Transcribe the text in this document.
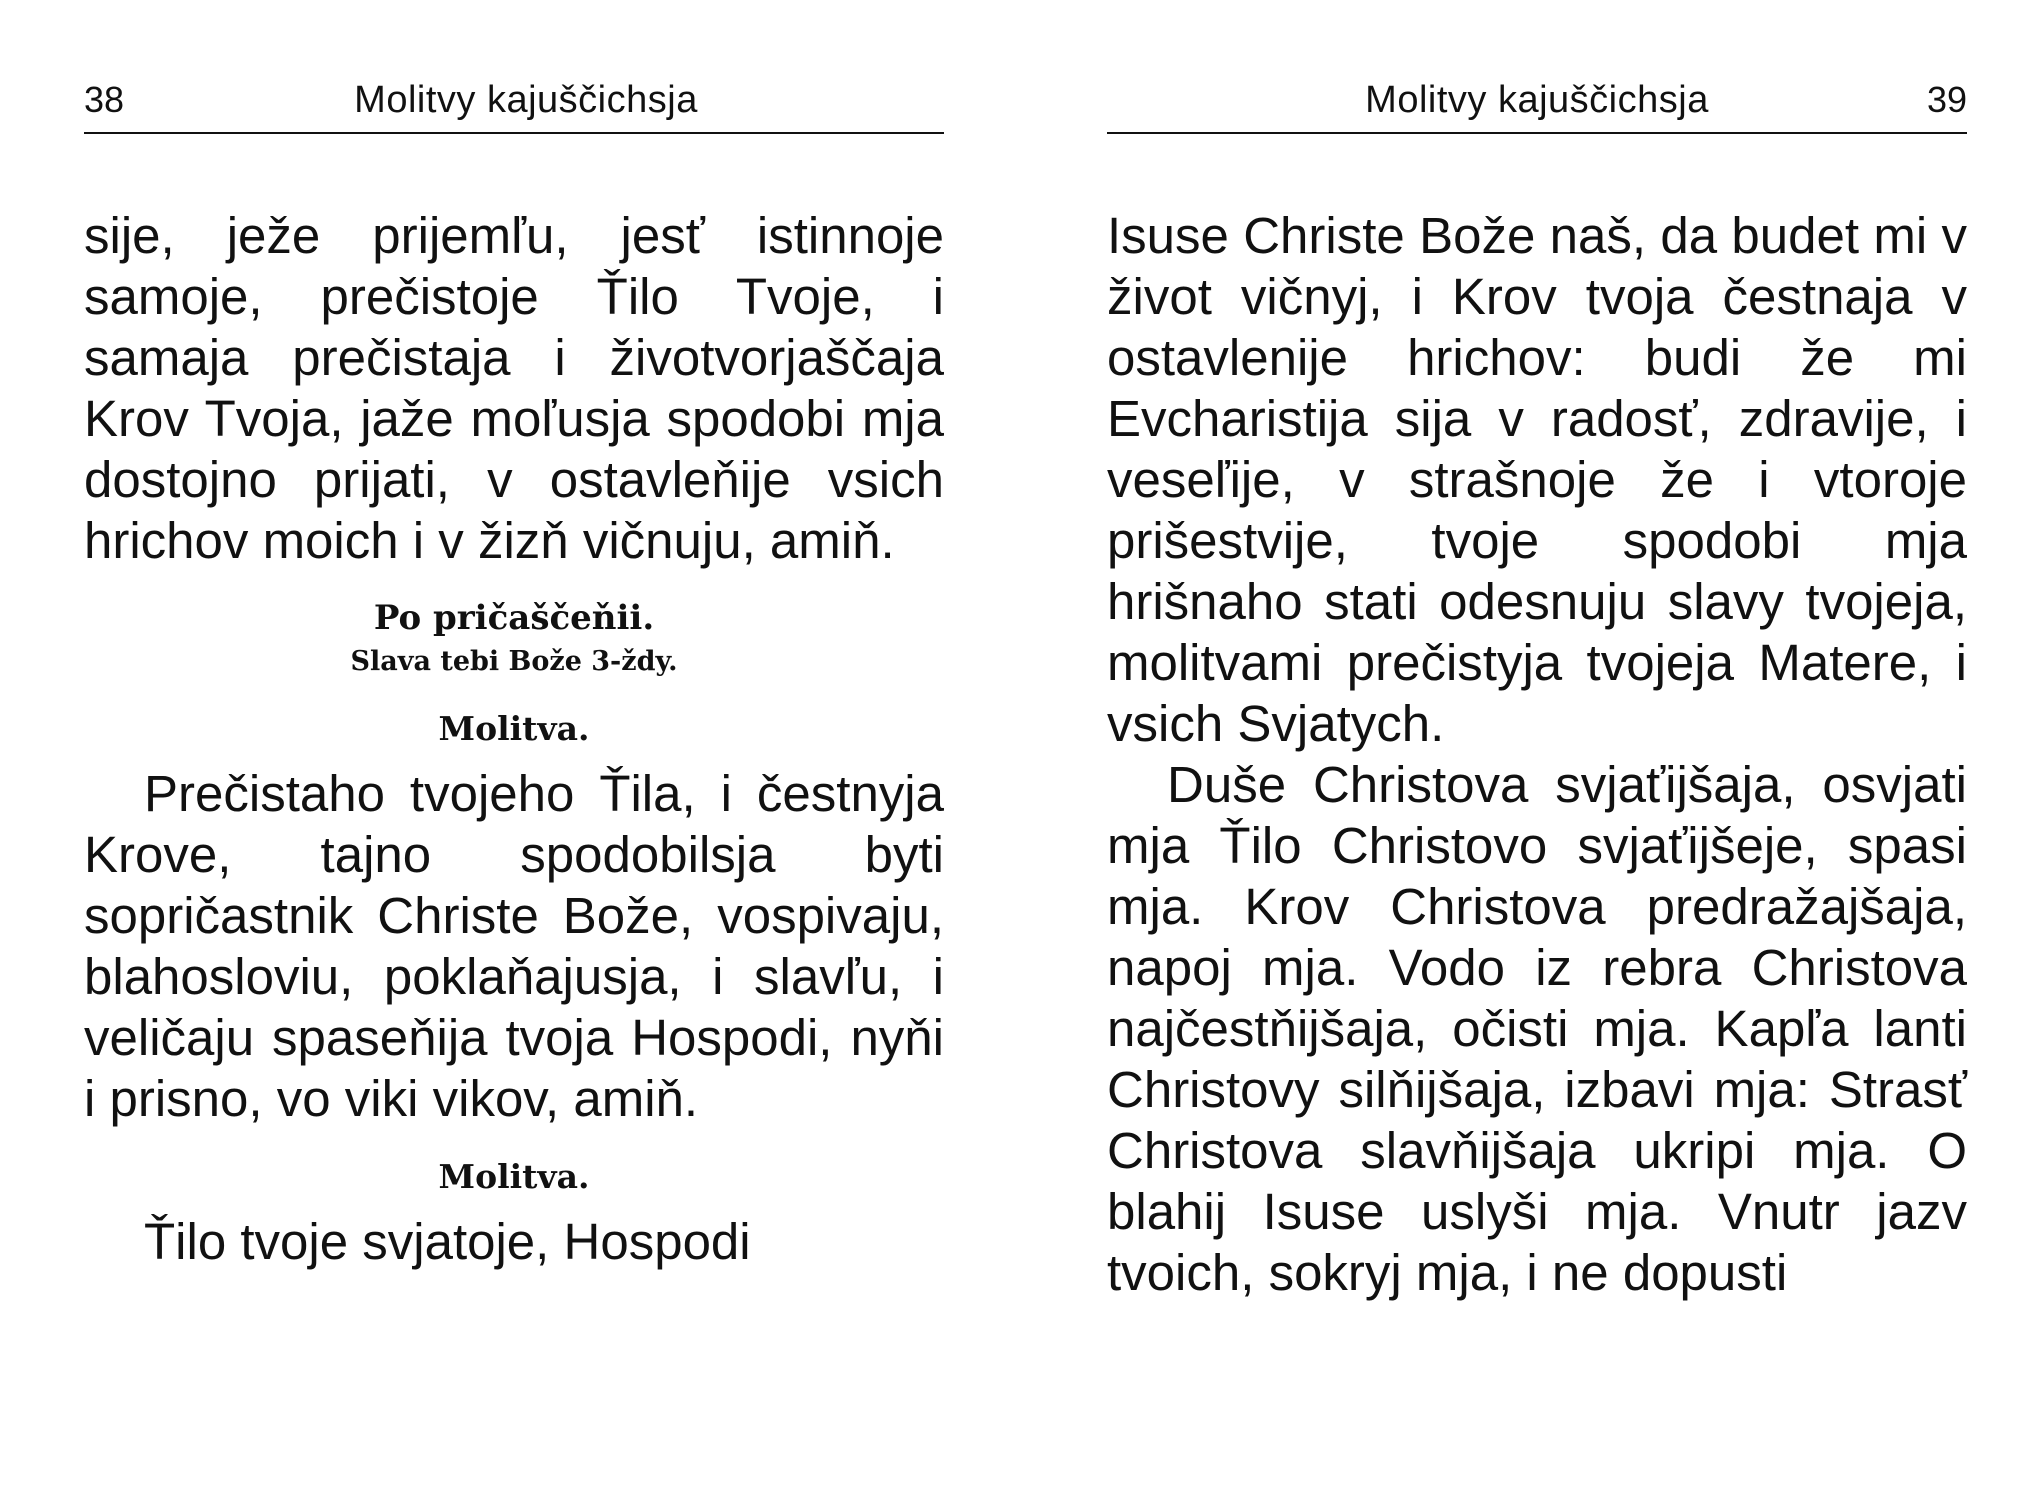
38	Molitvy kajuščichsja

sije, ježe prijemľu, jesť istinnoje samoje, prečistoje Ťilo Tvoje, i samaja prečistaja i životvorjaščaja Krov Tvoja, jaže moľusja spodobi mja dostojno prijati, v ostavleňije vsich hrichov moich i v žizň vičnuju, amiň.

Po pričaščeňii.
Slava tebi Bože 3-ždy.
Molitva.

Prečistaho tvojeho Ťila, i čestnyja Krove, tajno spodobilsja byti sopričastnik Christe Bože, vospivaju, blahosloviu, poklaňajusja, i slavľu, i veličaju spaseňija tvoja Hospodi, nyňi i prisno, vo viki vikov, amiň.

Molitva.

Ťilo tvoje svjatoje, Hospodi

Molitvy kajuščichsja	39

Isuse Christe Bože naš, da budet mi v život vičnyj, i Krov tvoja čestnaja v ostavlenije hrichov: budi že mi Evcharistija sija v radosť, zdravije, i veseľije, v strašnoje že i vtoroje prišestvije, tvoje spodobi mja hrišnaho stati odesnuju slavy tvojeja, molitvami prečistyja tvojeja Matere, i vsich Svjatych.

Duše Christova svjaťijšaja, osvjati mja Ťilo Christovo svjaťijšeje, spasi mja. Krov Christova predražajšaja, napoj mja. Vodo iz rebra Christova najčestňijšaja, očisti mja. Kapľa lanti Christovy silňijšaja, izbavi mja: Strasť Christova slavňijšaja ukripi mja. O blahij Isuse uslyši mja. Vnutr jazv tvoich, sokryj mja, i ne dopusti
